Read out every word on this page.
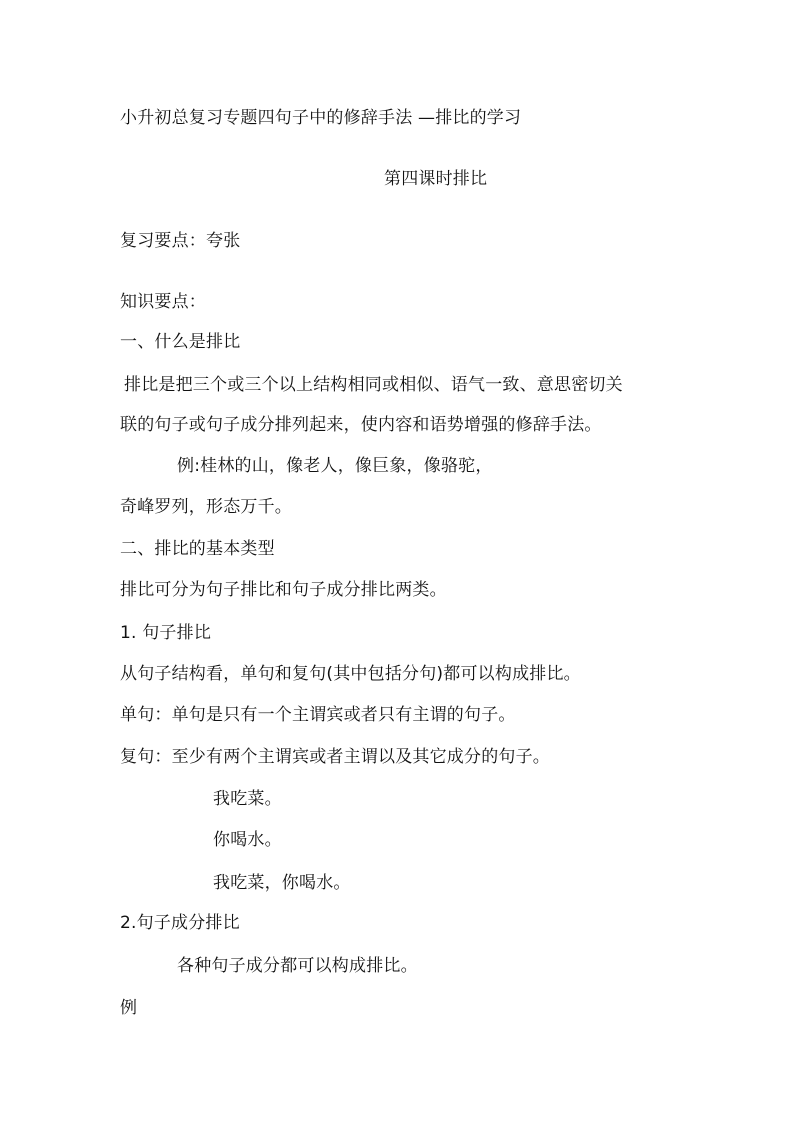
小升初总复习专题四句子中的修辞手法 —排比的学习
第四课时排比
复习要点：夸张
知识要点：
一、什么是排比
排比是把三个或三个以上结构相同或相似、语气一致、意思密切关
联的句子或句子成分排列起来，使内容和语势增强的修辞手法。
例:桂林的山，像老人，像巨象，像骆驼，
奇峰罗列，形态万千。
二、排比的基本类型
排比可分为句子排比和句子成分排比两类。
1. 句子排比
从句子结构看，单句和复句(其中包括分句)都可以构成排比。
单句：单句是只有一个主谓宾或者只有主谓的句子。
复句：至少有两个主谓宾或者主谓以及其它成分的句子。
我吃菜。
你喝水。
我吃菜，你喝水。
2.句子成分排比
各种句子成分都可以构成排比。
例
